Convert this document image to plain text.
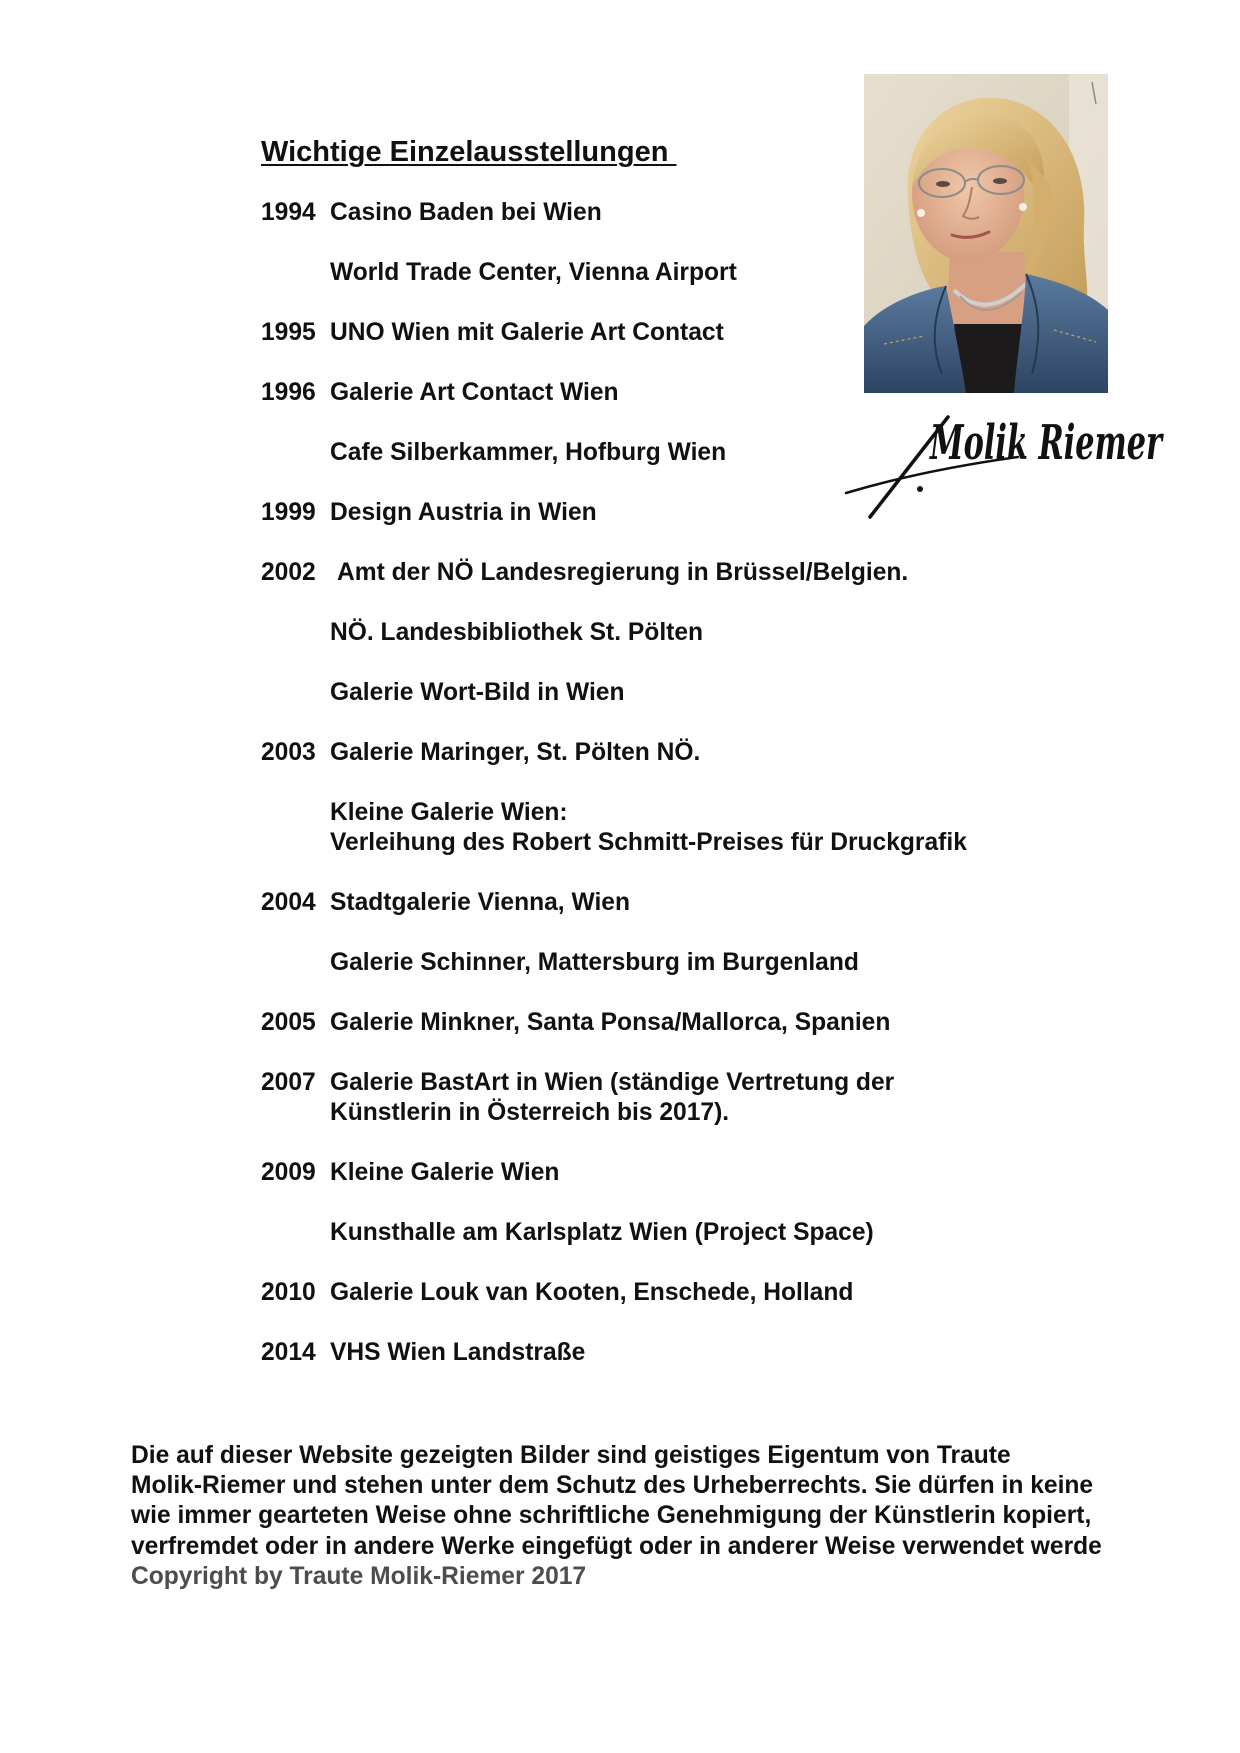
Wichtige Einzelausstellungen
1994 Casino Baden bei Wien
World Trade Center, Vienna Airport
1995 UNO Wien mit Galerie Art Contact
1996 Galerie Art Contact Wien
Cafe Silberkammer, Hofburg Wien
1999 Design Austria in Wien
2002 Amt der NÖ Landesregierung in Brüssel/Belgien.
NÖ. Landesbibliothek St. Pölten
Galerie Wort-Bild in Wien
2003 Galerie Maringer, St. Pölten NÖ.
Kleine Galerie Wien:
Verleihung des Robert Schmitt-Preises für Druckgrafik
2004 Stadtgalerie Vienna, Wien
Galerie Schinner, Mattersburg im Burgenland
2005 Galerie Minkner, Santa Ponsa/Mallorca, Spanien
2007 Galerie BastArt in Wien (ständige Vertretung der
Künstlerin in Österreich bis 2017).
2009 Kleine Galerie Wien
Kunsthalle am Karlsplatz Wien (Project Space)
2010 Galerie Louk van Kooten, Enschede, Holland
2014 VHS Wien Landstraße
Molik Riemer
Die auf dieser Website gezeigten Bilder sind geistiges Eigentum von Traute
Molik-Riemer und stehen unter dem Schutz des Urheberrechts. Sie dürfen in keine
wie immer gearteten Weise ohne schriftliche Genehmigung der Künstlerin kopiert,
verfremdet oder in andere Werke eingefügt oder in anderer Weise verwendet werde
Copyright by Traute Molik-Riemer 2017
